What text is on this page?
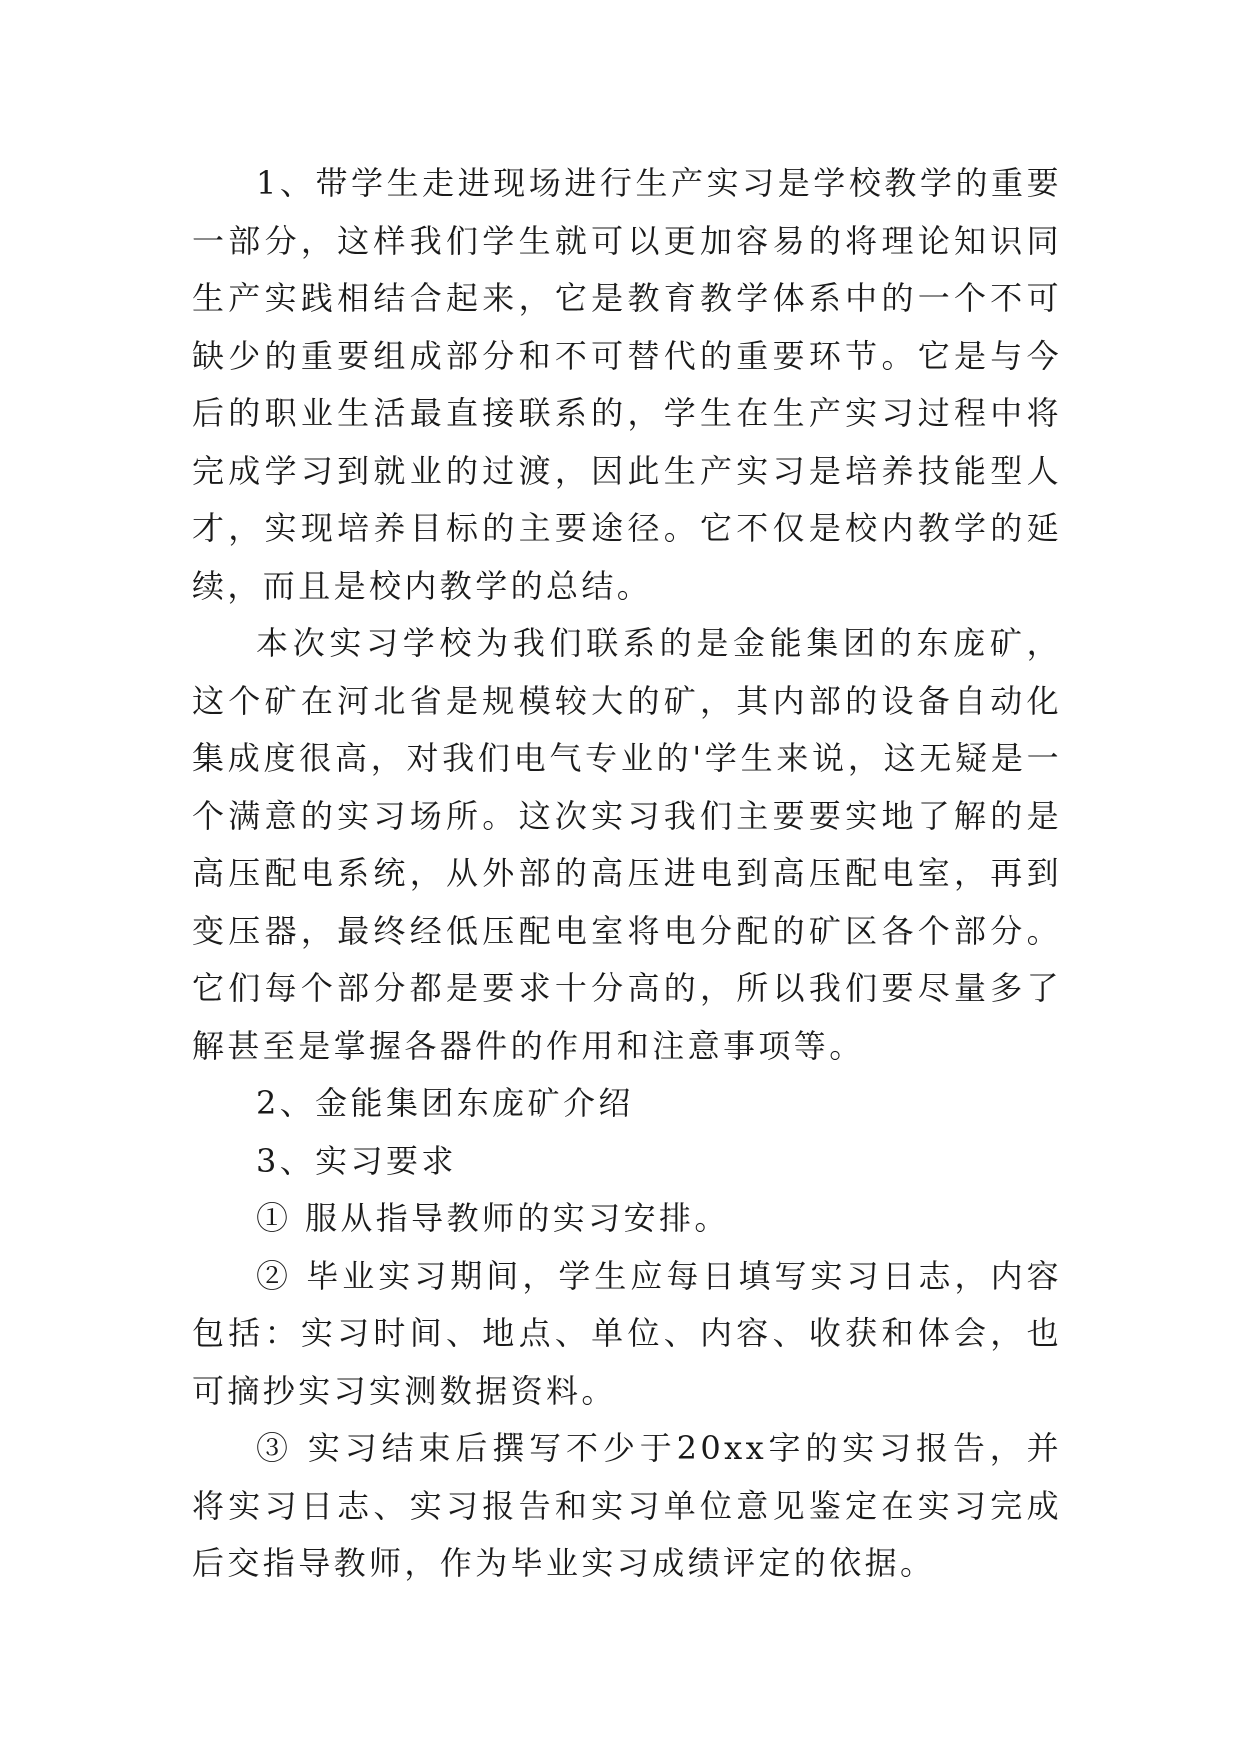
1、带学生走进现场进行生产实习是学校教学的重要一部分，这样我们学生就可以更加容易的将理论知识同生产实践相结合起来，它是教育教学体系中的一个不可缺少的重要组成部分和不可替代的重要环节。它是与今后的职业生活最直接联系的，学生在生产实习过程中将完成学习到就业的过渡，因此生产实习是培养技能型人才，实现培养目标的主要途径。它不仅是校内教学的延续，而且是校内教学的总结。

本次实习学校为我们联系的是金能集团的东庞矿，这个矿在河北省是规模较大的矿，其内部的设备自动化集成度很高，对我们电气专业的'学生来说，这无疑是一个满意的实习场所。这次实习我们主要要实地了解的是高压配电系统，从外部的高压进电到高压配电室，再到变压器，最终经低压配电室将电分配的矿区各个部分。它们每个部分都是要求十分高的，所以我们要尽量多了解甚至是掌握各器件的作用和注意事项等。

2、金能集团东庞矿介绍

3、实习要求

① 服从指导教师的实习安排。

② 毕业实习期间，学生应每日填写实习日志，内容包括：实习时间、地点、单位、内容、收获和体会，也可摘抄实习实测数据资料。

③ 实习结束后撰写不少于20xx字的实习报告，并将实习日志、实习报告和实习单位意见鉴定在实习完成后交指导教师，作为毕业实习成绩评定的依据。
